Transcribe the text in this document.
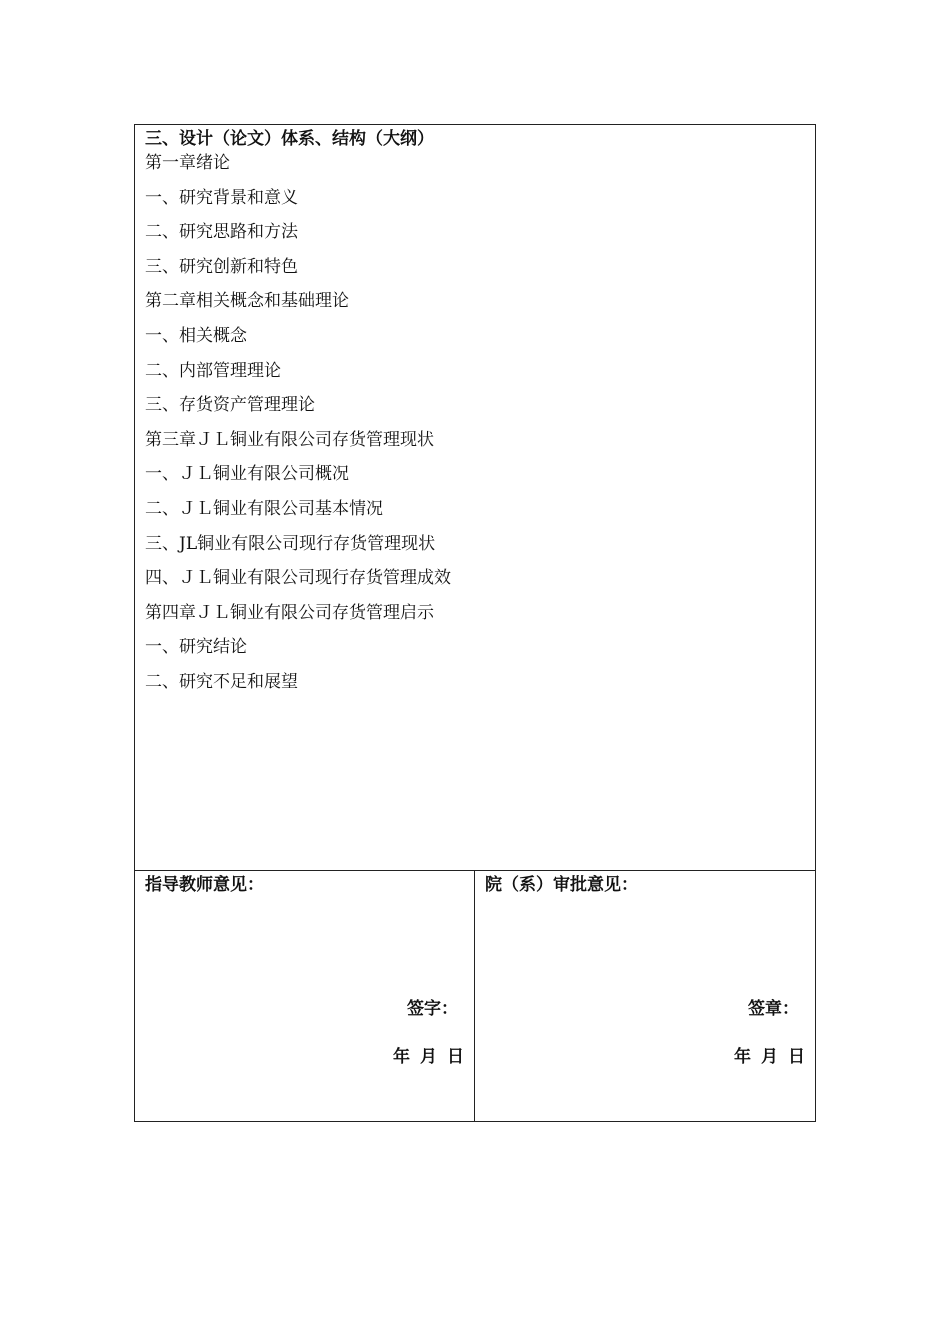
三、设计（论文）体系、结构（大纲）
第一章绪论
一、研究背景和意义
二、研究思路和方法
三、研究创新和特色
第二章相关概念和基础理论
一、相关概念
二、内部管理理论
三、存货资产管理理论
第三章ＪＬ铜业有限公司存货管理现状
一、ＪＬ铜业有限公司概况
二、ＪＬ铜业有限公司基本情况
三、JL铜业有限公司现行存货管理现状
四、ＪＬ铜业有限公司现行存货管理成效
第四章ＪＬ铜业有限公司存货管理启示
一、研究结论
二、研究不足和展望
指导教师意见：
签字：
年 月 日
院（系）审批意见：
签章：
年 月 日
